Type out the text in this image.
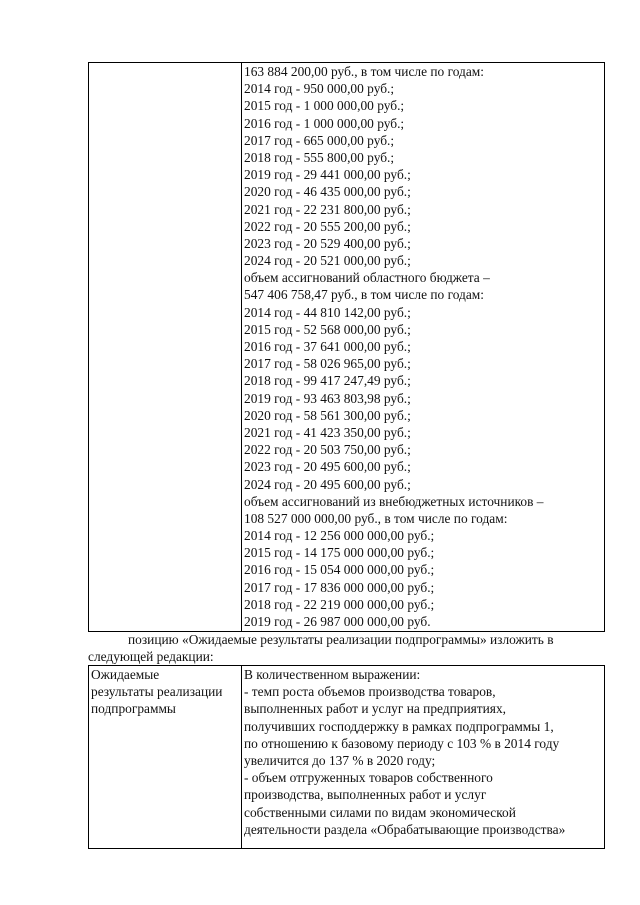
163 884 200,00 руб., в том числе по годам:
2014 год - 950 000,00 руб.;
2015 год - 1 000 000,00 руб.;
2016 год - 1 000 000,00 руб.;
2017 год - 665 000,00 руб.;
2018 год - 555 800,00 руб.;
2019 год - 29 441 000,00 руб.;
2020 год - 46 435 000,00 руб.;
2021 год - 22 231 800,00 руб.;
2022 год - 20 555 200,00 руб.;
2023 год - 20 529 400,00 руб.;
2024 год - 20 521 000,00 руб.;
объем ассигнований областного бюджета –
547 406 758,47 руб., в том числе по годам:
2014 год - 44 810 142,00 руб.;
2015 год - 52 568 000,00 руб.;
2016 год - 37 641 000,00 руб.;
2017 год - 58 026 965,00 руб.;
2018 год - 99 417 247,49 руб.;
2019 год - 93 463 803,98 руб.;
2020 год - 58 561 300,00 руб.;
2021 год - 41 423 350,00 руб.;
2022 год - 20 503 750,00 руб.;
2023 год - 20 495 600,00 руб.;
2024 год - 20 495 600,00 руб.;
объем ассигнований из внебюджетных источников –
108 527 000 000,00 руб., в том числе по годам:
2014 год - 12 256 000 000,00 руб.;
2015 год - 14 175 000 000,00 руб.;
2016 год - 15 054 000 000,00 руб.;
2017 год - 17 836 000 000,00 руб.;
2018 год - 22 219 000 000,00 руб.;
2019 год - 26 987 000 000,00 руб.
позицию «Ожидаемые результаты реализации подпрограммы» изложить в
следующей редакции:
Ожидаемые
результаты реализации
подпрограммы
В количественном выражении:
- темп роста объемов производства товаров,
выполненных работ и услуг на предприятиях,
получивших господдержку в рамках подпрограммы 1,
по отношению к базовому периоду с 103 % в 2014 году
увеличится до 137 % в 2020 году;
- объем отгруженных товаров собственного
производства, выполненных работ и услуг
собственными силами по видам экономической
деятельности раздела «Обрабатывающие производства»
